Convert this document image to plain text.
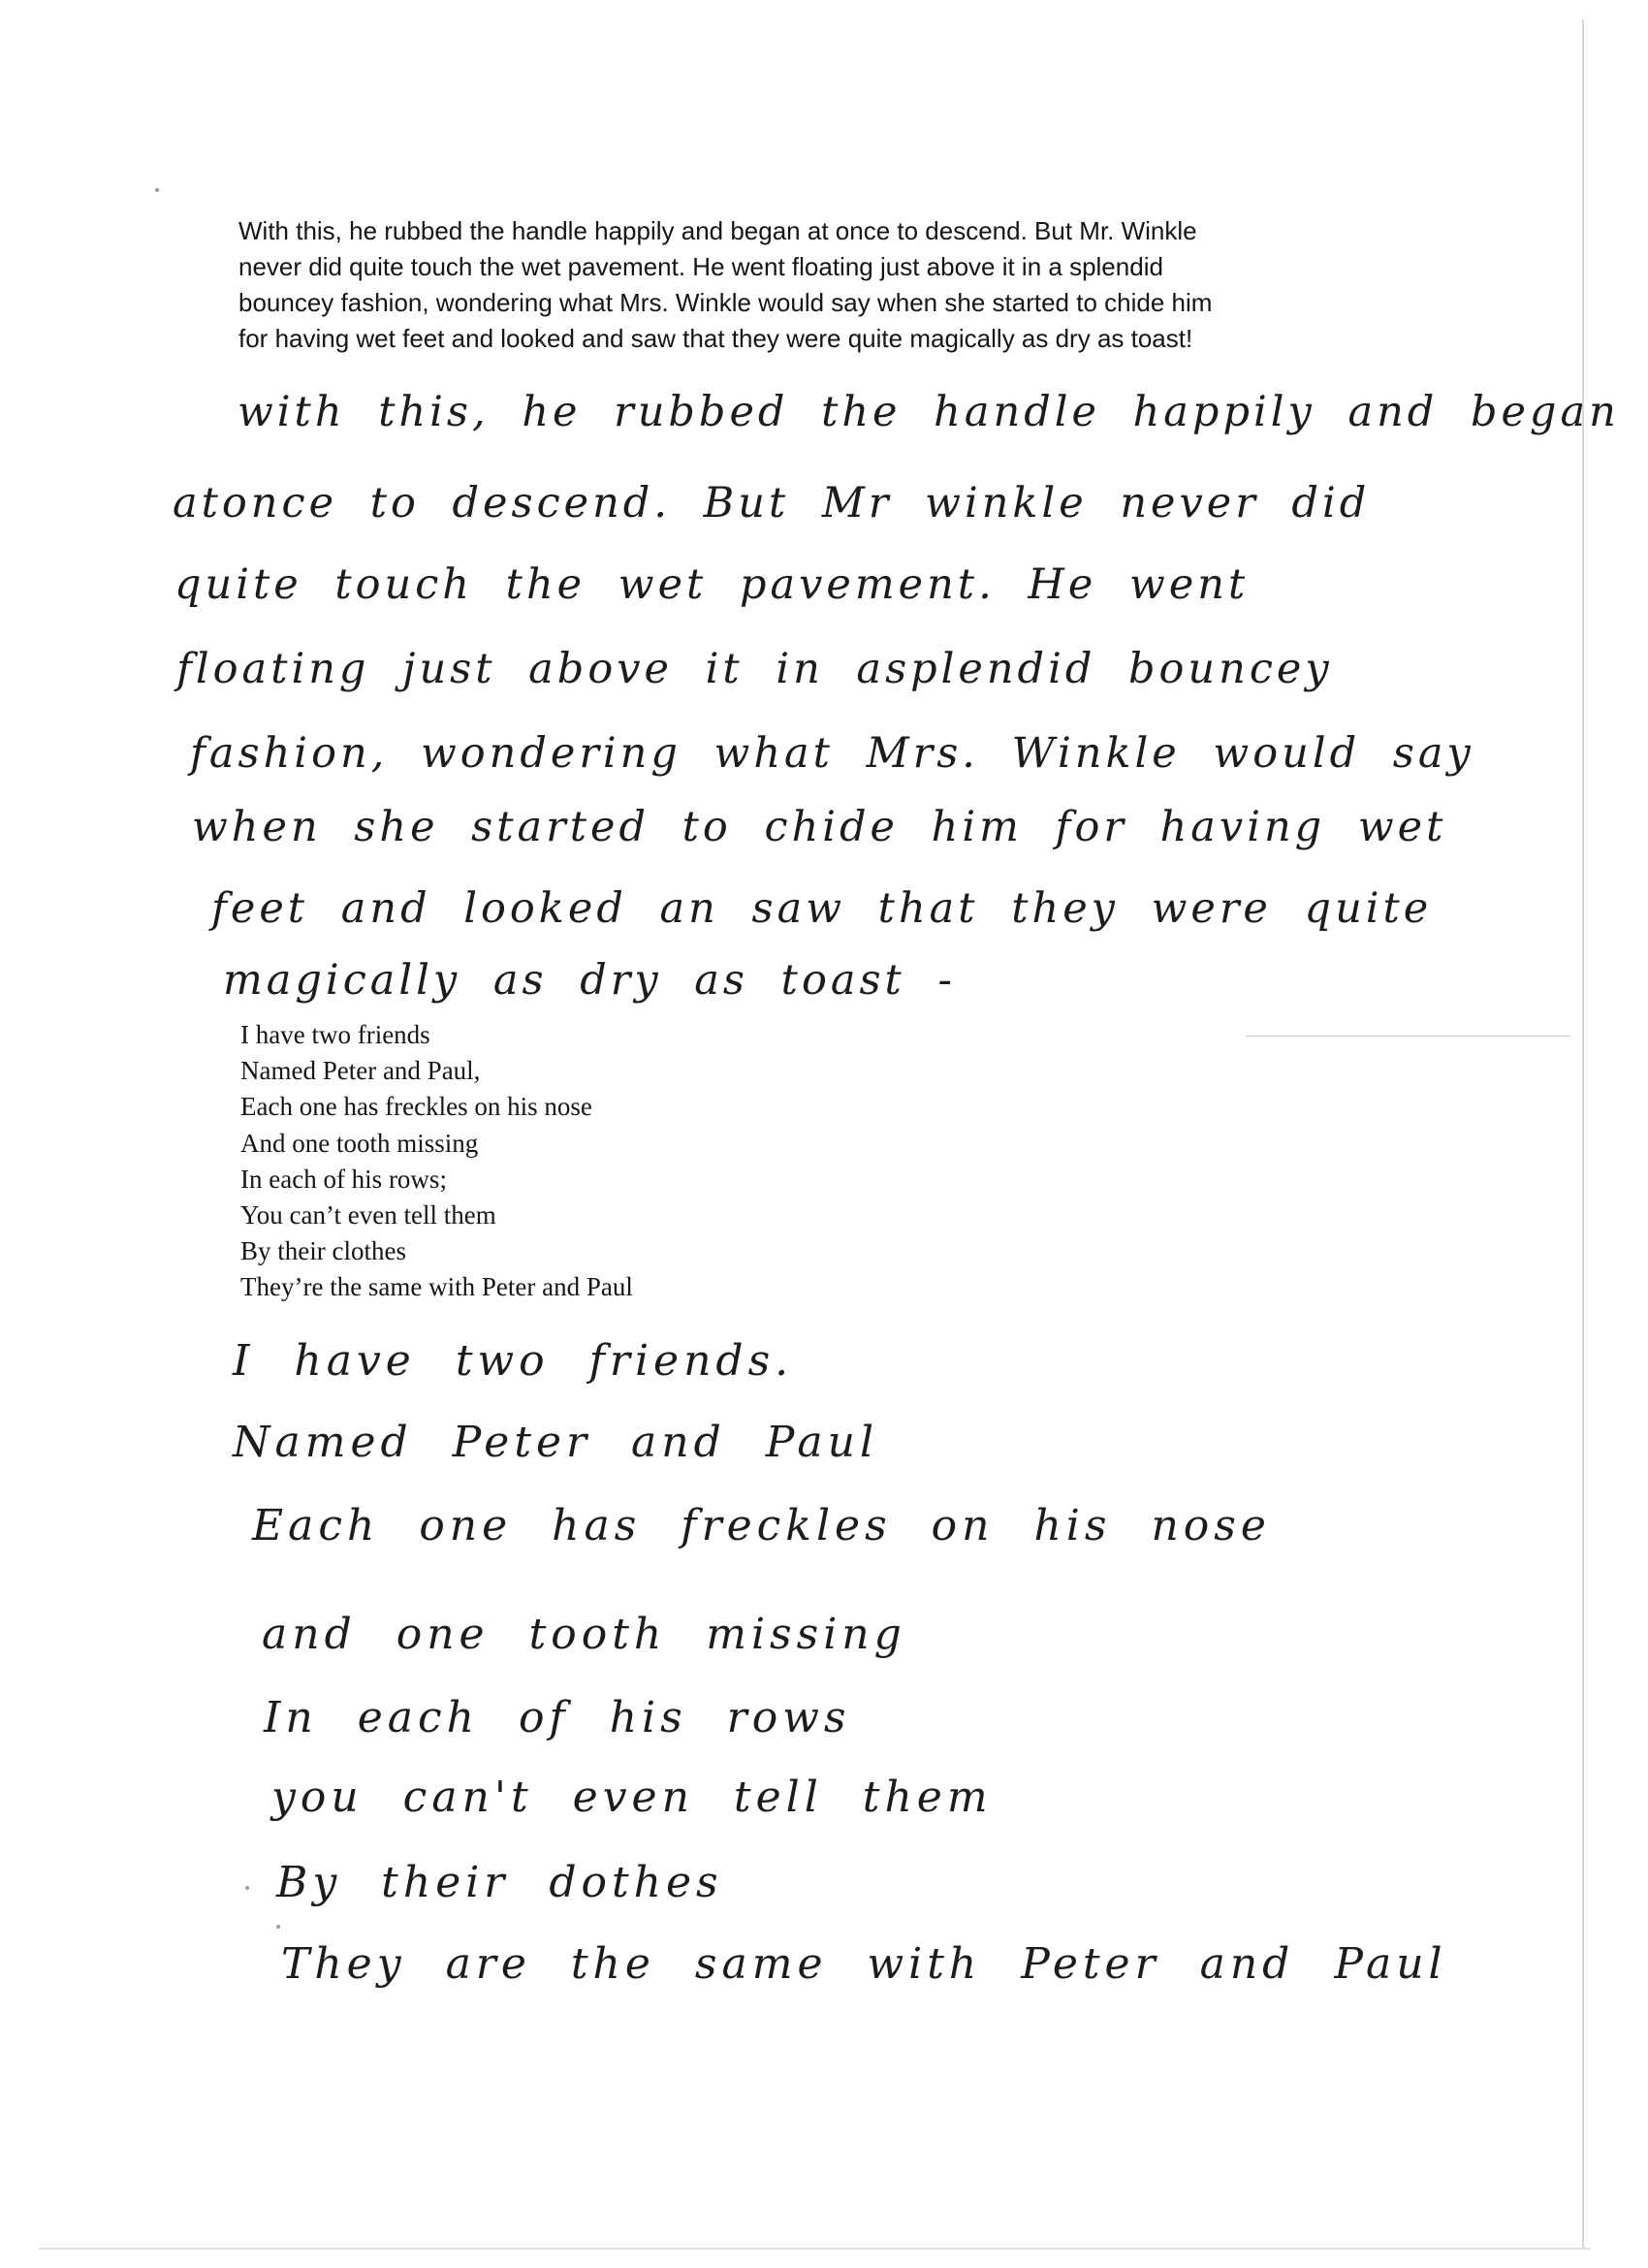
With this, he rubbed the handle happily and began at once to descend. But Mr. Winkle
never did quite touch the wet pavement. He went floating just above it in a splendid
bouncey fashion, wondering what Mrs. Winkle would say when she started to chide him
for having wet feet and looked and saw that they were quite magically as dry as toast!

with this, he rubbed the handle happily and began

atonce to descend. But Mr winkle never did

quite touch the wet pavement. He went

floating just above it in asplendid bouncey

fashion, wondering what Mrs. Winkle would say

when she started to chide him for having wet

feet and looked an saw that they were quite

magically as dry as toast -

I have two friends
Named Peter and Paul,
Each one has freckles on his nose
And one tooth missing
In each of his rows;
You can’t even tell them
By their clothes
They’re the same with Peter and Paul

I have two friends.

Named Peter and Paul

Each one has freckles on his nose

and one tooth missing

In each of his rows

you can't even tell them

By their dothes

They are the same with Peter and Paul
